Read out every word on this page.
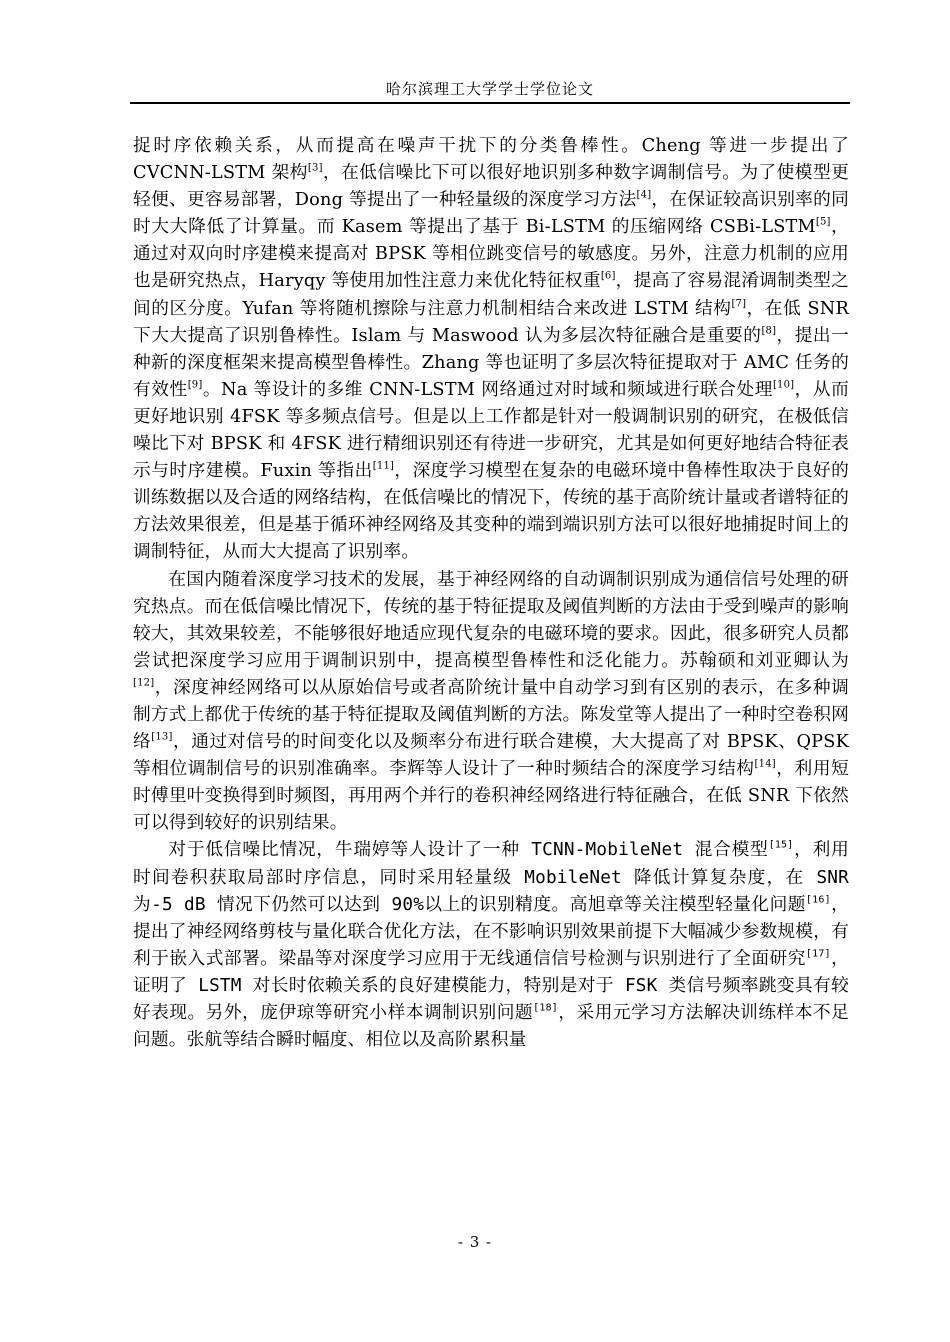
哈尔滨理工大学学士学位论文

捉时序依赖关系，从而提高在噪声干扰下的分类鲁棒性。Cheng 等进一步提出了 CVCNN-LSTM 架构[3]，在低信噪比下可以很好地识别多种数字调制信号。为了使模型更轻便、更容易部署，Dong 等提出了一种轻量级的深度学习方法[4]，在保证较高识别率的同时大大降低了计算量。而 Kasem 等提出了基于 Bi-LSTM 的压缩网络 CSBi-LSTM[5]，通过对双向时序建模来提高对 BPSK 等相位跳变信号的敏感度。另外，注意力机制的应用也是研究热点，Haryqy 等使用加性注意力来优化特征权重[6]，提高了容易混淆调制类型之间的区分度。Yufan 等将随机擦除与注意力机制相结合来改进 LSTM 结构[7]，在低 SNR 下大大提高了识别鲁棒性。Islam 与 Maswood 认为多层次特征融合是重要的[8]，提出一种新的深度框架来提高模型鲁棒性。Zhang 等也证明了多层次特征提取对于 AMC 任务的有效性[9]。Na 等设计的多维 CNN-LSTM 网络通过对时域和频域进行联合处理[10]，从而更好地识别 4FSK 等多频点信号。但是以上工作都是针对一般调制识别的研究，在极低信噪比下对 BPSK 和 4FSK 进行精细识别还有待进一步研究，尤其是如何更好地结合特征表示与时序建模。Fuxin 等指出[11]，深度学习模型在复杂的电磁环境中鲁棒性取决于良好的训练数据以及合适的网络结构，在低信噪比的情况下，传统的基于高阶统计量或者谱特征的方法效果很差，但是基于循环神经网络及其变种的端到端识别方法可以很好地捕捉时间上的调制特征，从而大大提高了识别率。

在国内随着深度学习技术的发展，基于神经网络的自动调制识别成为通信信号处理的研究热点。而在低信噪比情况下，传统的基于特征提取及阈值判断的方法由于受到噪声的影响较大，其效果较差，不能够很好地适应现代复杂的电磁环境的要求。因此，很多研究人员都尝试把深度学习应用于调制识别中，提高模型鲁棒性和泛化能力。苏翰硕和刘亚卿认为[12]，深度神经网络可以从原始信号或者高阶统计量中自动学习到有区别的表示，在多种调制方式上都优于传统的基于特征提取及阈值判断的方法。陈发堂等人提出了一种时空卷积网络[13]，通过对信号的时间变化以及频率分布进行联合建模，大大提高了对 BPSK、QPSK 等相位调制信号的识别准确率。李辉等人设计了一种时频结合的深度学习结构[14]，利用短时傅里叶变换得到时频图，再用两个并行的卷积神经网络进行特征融合，在低 SNR 下依然可以得到较好的识别结果。

对于低信噪比情况，牛瑞婷等人设计了一种 TCNN-MobileNet 混合模型[15]，利用时间卷积获取局部时序信息，同时采用轻量级 MobileNet 降低计算复杂度，在 SNR 为-5 dB 情况下仍然可以达到 90%以上的识别精度。高旭章等关注模型轻量化问题[16]，提出了神经网络剪枝与量化联合优化方法，在不影响识别效果前提下大幅减少参数规模，有利于嵌入式部署。梁晶等对深度学习应用于无线通信信号检测与识别进行了全面研究[17]，证明了 LSTM 对长时依赖关系的良好建模能力，特别是对于 FSK 类信号频率跳变具有较好表现。另外，庞伊琼等研究小样本调制识别问题[18]，采用元学习方法解决训练样本不足问题。张航等结合瞬时幅度、相位以及高阶累积量

- 3 -
